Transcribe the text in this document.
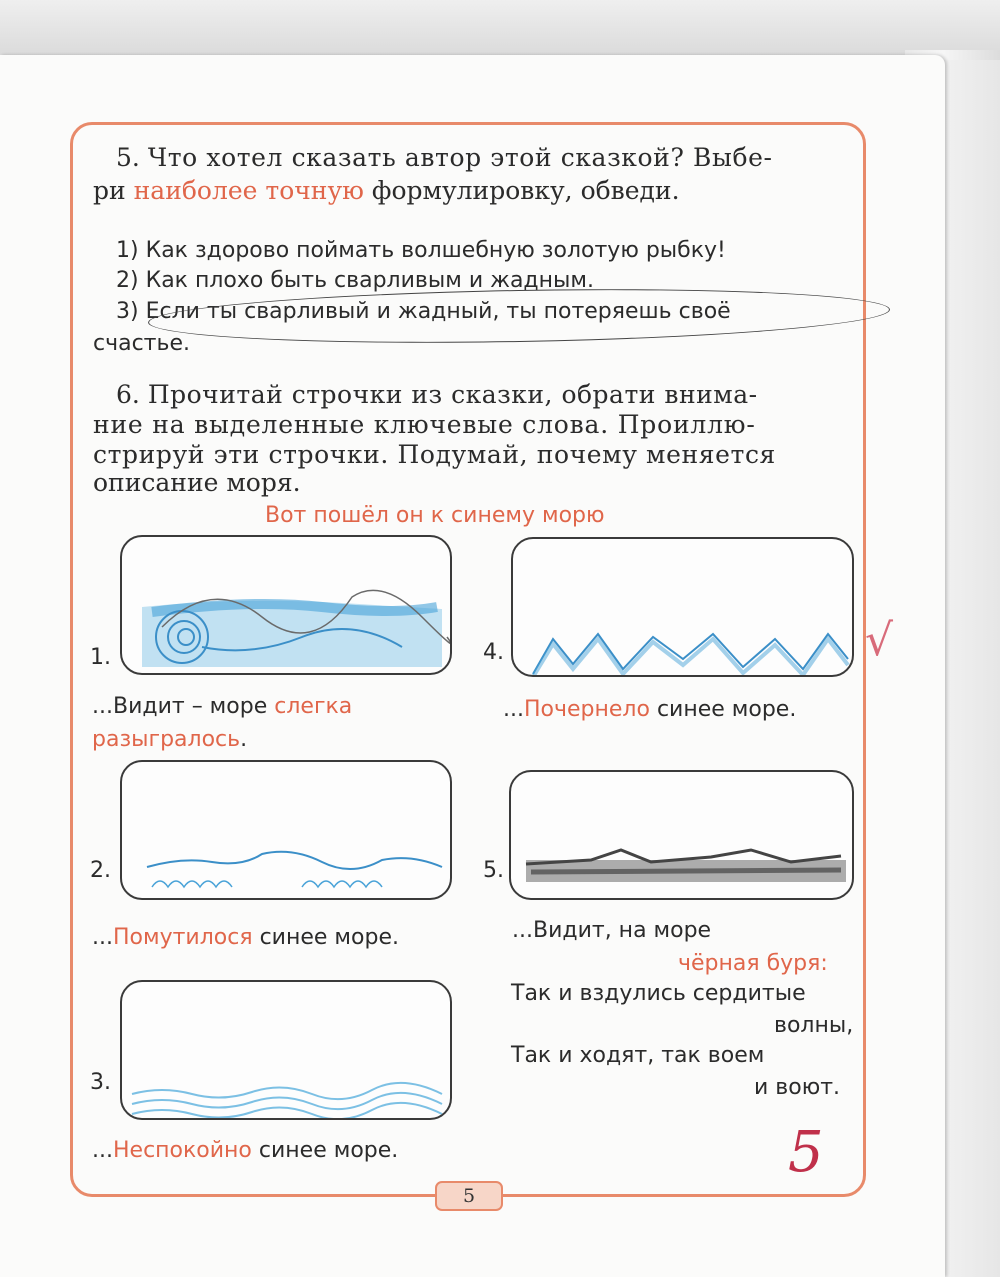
5. Что хотел сказать автор этой сказкой? Выбе-
ри наиболее точную формулировку, обведи.
1) Как здорово поймать волшебную золотую рыбку!
2) Как плохо быть сварливым и жадным.
3) Если ты сварливый и жадный, ты потеряешь своё
счастье.
6. Прочитай строчки из сказки, обрати внима-
ние на выделенные ключевые слова. Проиллю-
стрируй эти строчки. Подумай, почему меняется
описание моря.
Вот пошёл он к синему морю
1.
...Видит – море слегка
разыгралось.
4.
...Почернело синее море.
2.
...Помутилося синее море.
5.
...Видит, на море
чёрная буря:
Так и вздулись сердитые
волны,
Так и ходят, так воем
и воют.
3.
...Неспокойно синее море.
√
5
5
